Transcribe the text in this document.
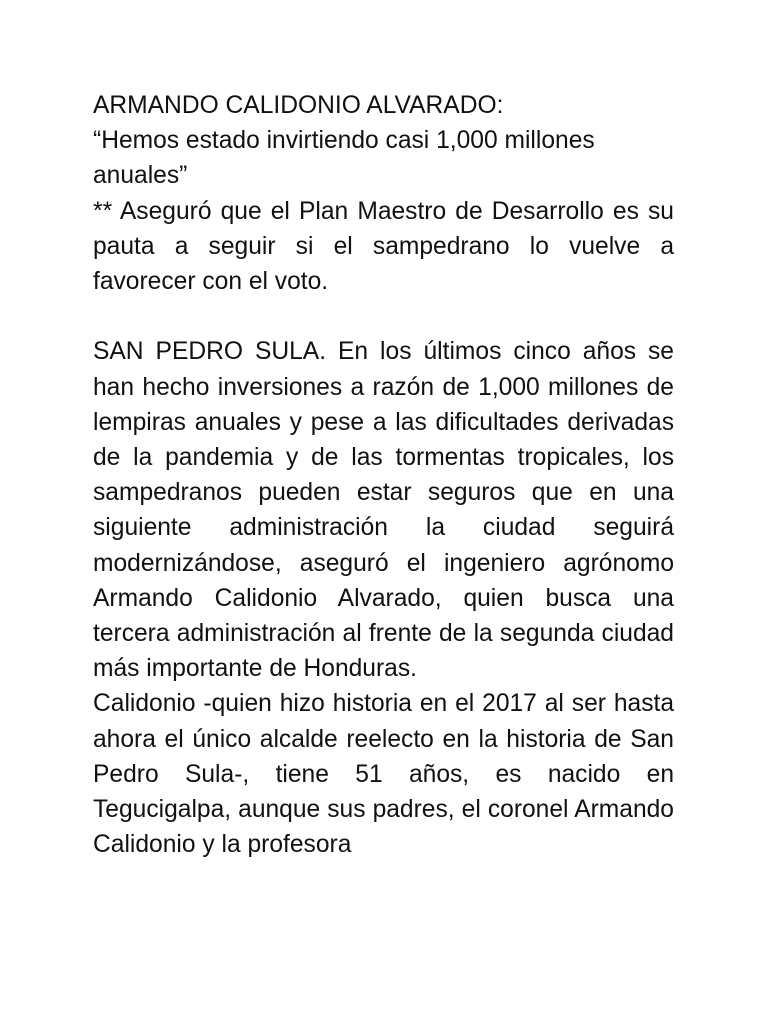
ARMANDO CALIDONIO ALVARADO:

“Hemos estado invirtiendo casi 1,000 millones anuales”

** Aseguró que el Plan Maestro de Desarrollo es su pauta a seguir si el sampedrano lo vuelve a favorecer con el voto.

SAN PEDRO SULA. En los últimos cinco años se han hecho inversiones a razón de 1,000 millones de lempiras anuales y pese a las dificultades derivadas de la pandemia y de las tormentas tropicales, los sampedranos pueden estar seguros que en una siguiente administración la ciudad seguirá modernizándose, aseguró el ingeniero agrónomo Armando Calidonio Alvarado, quien busca una tercera administración al frente de la segunda ciudad más importante de Honduras.

Calidonio -quien hizo historia en el 2017 al ser hasta ahora el único alcalde reelecto en la historia de San Pedro Sula-, tiene 51 años, es nacido en Tegucigalpa, aunque sus padres, el coronel Armando Calidonio y la profesora
